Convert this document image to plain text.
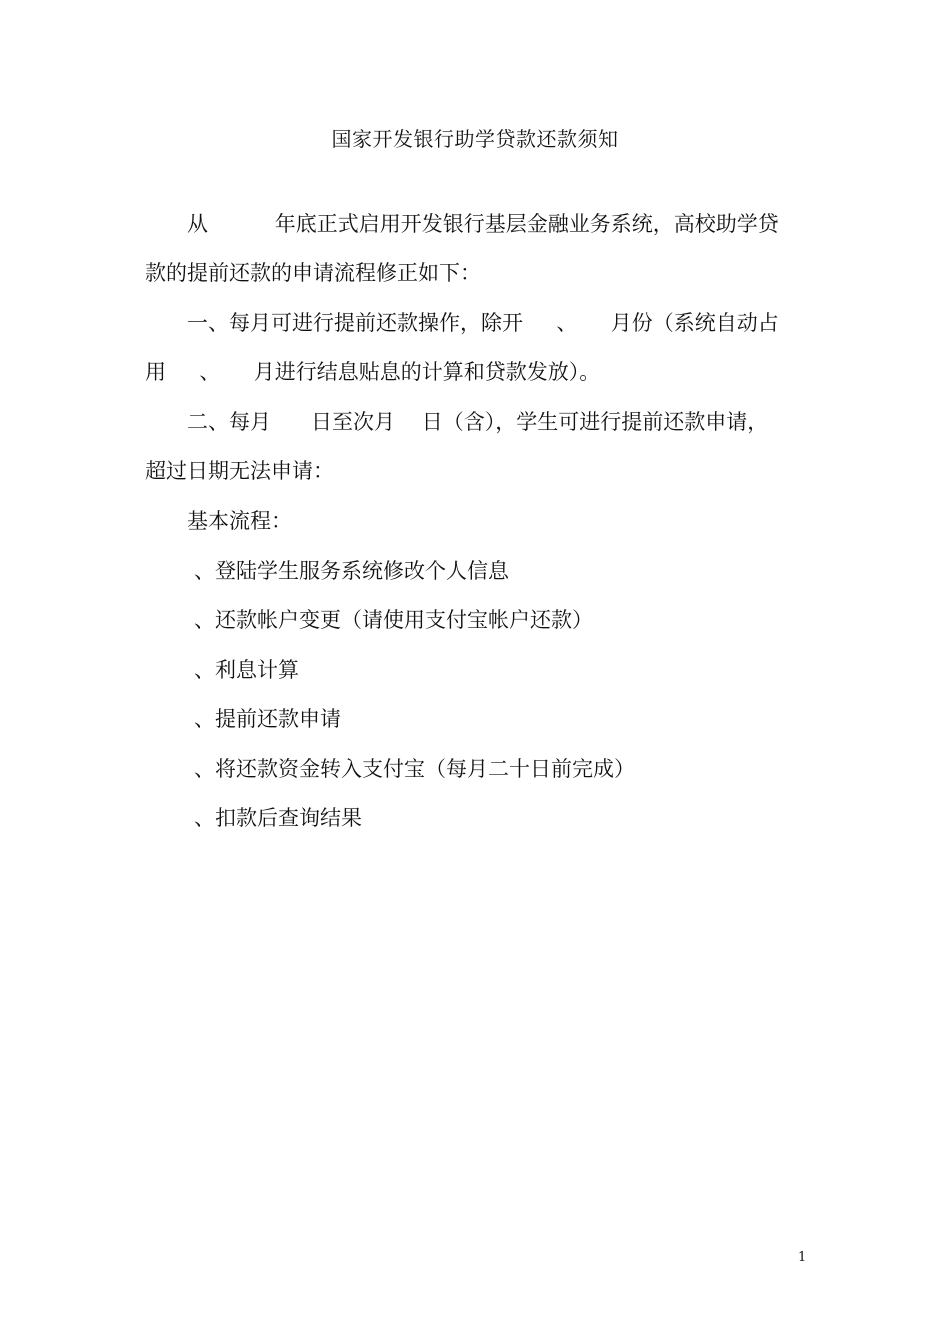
国家开发银行助学贷款还款须知
从          年底正式启用开发银行基层金融业务系统，高校助学贷
款的提前还款的申请流程修正如下：
一、每月可进行提前还款操作，除开     、     月份（系统自动占
用     、     月进行结息贴息的计算和贷款发放）。
二、每月      日至次月    日（含），学生可进行提前还款申请，
超过日期无法申请：
基本流程：
、登陆学生服务系统修改个人信息
、还款帐户变更（请使用支付宝帐户还款）
、利息计算
、提前还款申请
、将还款资金转入支付宝（每月二十日前完成）
、扣款后查询结果
1
